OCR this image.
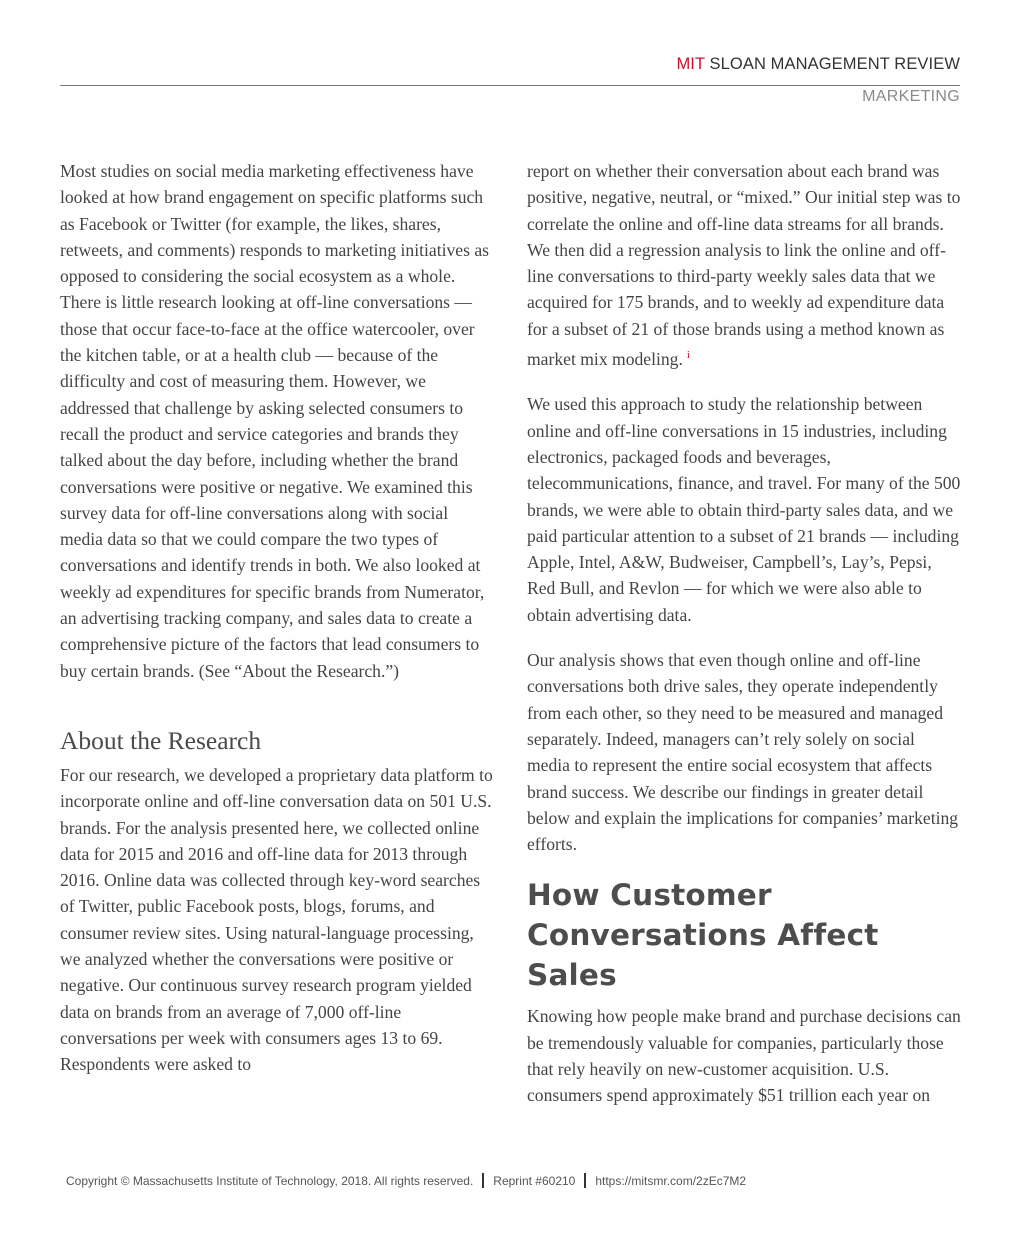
MIT SLOAN MANAGEMENT REVIEW
MARKETING

Most studies on social media marketing effectiveness have looked at how brand engagement on specific platforms such as Facebook or Twitter (for example, the likes, shares, retweets, and comments) responds to marketing initiatives as opposed to considering the social ecosystem as a whole. There is little research looking at off-line conversations — those that occur face-to-face at the office watercooler, over the kitchen table, or at a health club — because of the difficulty and cost of measuring them. However, we addressed that challenge by asking selected consumers to recall the product and service categories and brands they talked about the day before, including whether the brand conversations were positive or negative. We examined this survey data for off-line conversations along with social media data so that we could compare the two types of conversations and identify trends in both. We also looked at weekly ad expenditures for specific brands from Numerator, an advertising tracking company, and sales data to create a comprehensive picture of the factors that lead consumers to buy certain brands. (See “About the Research.”)

About the Research

For our research, we developed a proprietary data platform to incorporate online and off-line conversation data on 501 U.S. brands. For the analysis presented here, we collected online data for 2015 and 2016 and off-line data for 2013 through 2016. Online data was collected through key-word searches of Twitter, public Facebook posts, blogs, forums, and consumer review sites. Using natural-language processing, we analyzed whether the conversations were positive or negative. Our continuous survey research program yielded data on brands from an average of 7,000 off-line conversations per week with consumers ages 13 to 69. Respondents were asked to

report on whether their conversation about each brand was positive, negative, neutral, or “mixed.” Our initial step was to correlate the online and off-line data streams for all brands. We then did a regression analysis to link the online and off-line conversations to third-party weekly sales data that we acquired for 175 brands, and to weekly ad expenditure data for a subset of 21 of those brands using a method known as market mix modeling. $^i$

We used this approach to study the relationship between online and off-line conversations in 15 industries, including electronics, packaged foods and beverages, telecommunications, finance, and travel. For many of the 500 brands, we were able to obtain third-party sales data, and we paid particular attention to a subset of 21 brands — including Apple, Intel, A&W, Budweiser, Campbell’s, Lay’s, Pepsi, Red Bull, and Revlon — for which we were also able to obtain advertising data.

Our analysis shows that even though online and off-line conversations both drive sales, they operate independently from each other, so they need to be measured and managed separately. Indeed, managers can’t rely solely on social media to represent the entire social ecosystem that affects brand success. We describe our findings in greater detail below and explain the implications for companies’ marketing efforts.

How Customer Conversations Affect Sales

Knowing how people make brand and purchase decisions can be tremendously valuable for companies, particularly those that rely heavily on new-customer acquisition. U.S. consumers spend approximately $51 trillion each year on

Copyright © Massachusetts Institute of Technology, 2018. All rights reserved. Reprint #60210 https://mitsmr.com/2zEc7M2
